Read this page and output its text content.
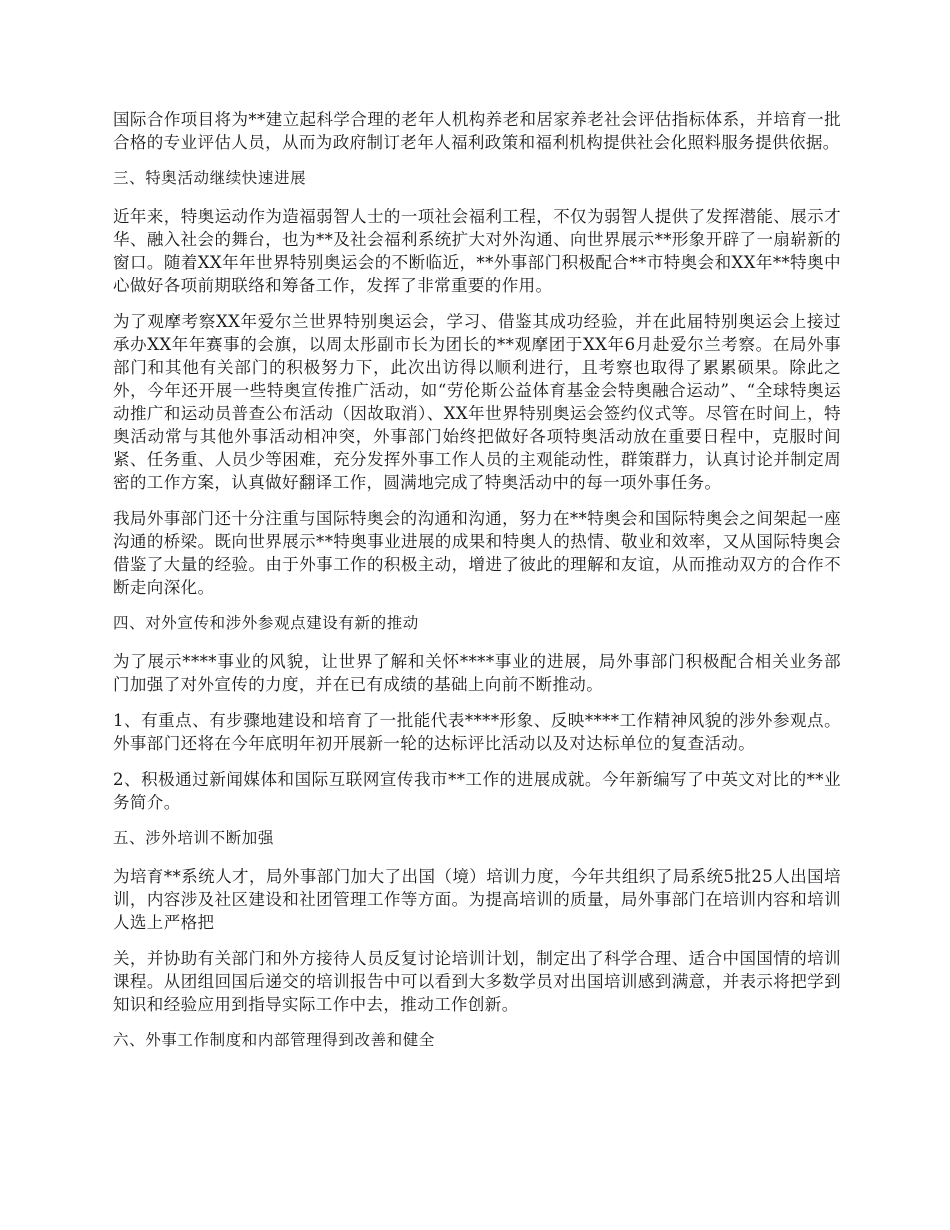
国际合作项目将为**建立起科学合理的老年人机构养老和居家养老社会评估指标体系，并培育一批合格的专业评估人员，从而为政府制订老年人福利政策和福利机构提供社会化照料服务提供依据。

三、特奥活动继续快速进展

近年来，特奥运动作为造福弱智人士的一项社会福利工程，不仅为弱智人提供了发挥潜能、展示才华、融入社会的舞台，也为**及社会福利系统扩大对外沟通、向世界展示**形象开辟了一扇崭新的窗口。随着XX年年世界特别奥运会的不断临近，**外事部门积极配合**市特奥会和XX年**特奥中心做好各项前期联络和筹备工作，发挥了非常重要的作用。

为了观摩考察XX年爱尔兰世界特别奥运会，学习、借鉴其成功经验，并在此届特别奥运会上接过承办XX年年赛事的会旗，以周太彤副市长为团长的**观摩团于XX年6月赴爱尔兰考察。在局外事部门和其他有关部门的积极努力下，此次出访得以顺利进行，且考察也取得了累累硕果。除此之外，今年还开展一些特奥宣传推广活动，如“劳伦斯公益体育基金会特奥融合运动”、“全球特奥运动推广和运动员普查公布活动（因故取消）、XX年世界特别奥运会签约仪式等。尽管在时间上，特奥活动常与其他外事活动相冲突，外事部门始终把做好各项特奥活动放在重要日程中，克服时间紧、任务重、人员少等困难，充分发挥外事工作人员的主观能动性，群策群力，认真讨论并制定周密的工作方案，认真做好翻译工作，圆满地完成了特奥活动中的每一项外事任务。

我局外事部门还十分注重与国际特奥会的沟通和沟通，努力在**特奥会和国际特奥会之间架起一座沟通的桥梁。既向世界展示**特奥事业进展的成果和特奥人的热情、敬业和效率，又从国际特奥会借鉴了大量的经验。由于外事工作的积极主动，增进了彼此的理解和友谊，从而推动双方的合作不断走向深化。

四、对外宣传和涉外参观点建设有新的推动

为了展示****事业的风貌，让世界了解和关怀****事业的进展，局外事部门积极配合相关业务部门加强了对外宣传的力度，并在已有成绩的基础上向前不断推动。

1、有重点、有步骤地建设和培育了一批能代表****形象、反映****工作精神风貌的涉外参观点。外事部门还将在今年底明年初开展新一轮的达标评比活动以及对达标单位的复查活动。

2、积极通过新闻媒体和国际互联网宣传我市**工作的进展成就。今年新编写了中英文对比的**业务简介。

五、涉外培训不断加强

为培育**系统人才，局外事部门加大了出国（境）培训力度，今年共组织了局系统5批25人出国培训，内容涉及社区建设和社团管理工作等方面。为提高培训的质量，局外事部门在培训内容和培训人选上严格把

关，并协助有关部门和外方接待人员反复讨论培训计划，制定出了科学合理、适合中国国情的培训课程。从团组回国后递交的培训报告中可以看到大多数学员对出国培训感到满意，并表示将把学到知识和经验应用到指导实际工作中去，推动工作创新。

六、外事工作制度和内部管理得到改善和健全
